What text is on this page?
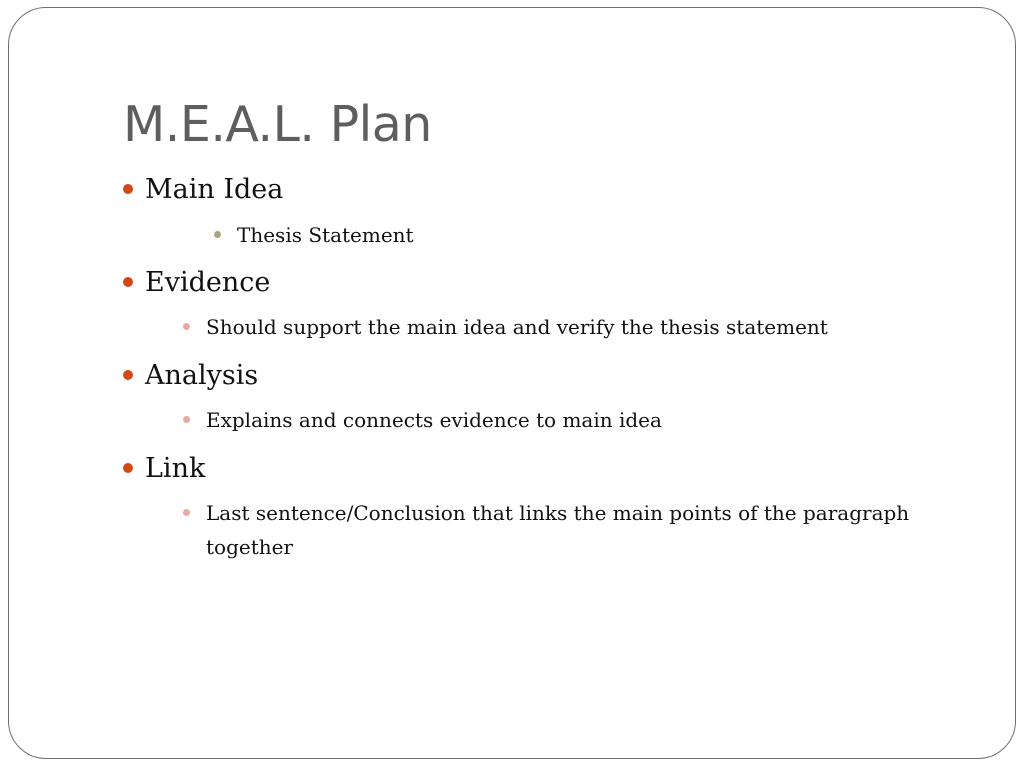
M.E.A.L. Plan
Main Idea
Thesis Statement
Evidence
Should support the main idea and verify the thesis statement
Analysis
Explains and connects evidence to main idea
Link
Last sentence/Conclusion that links the main points of the paragraph together
